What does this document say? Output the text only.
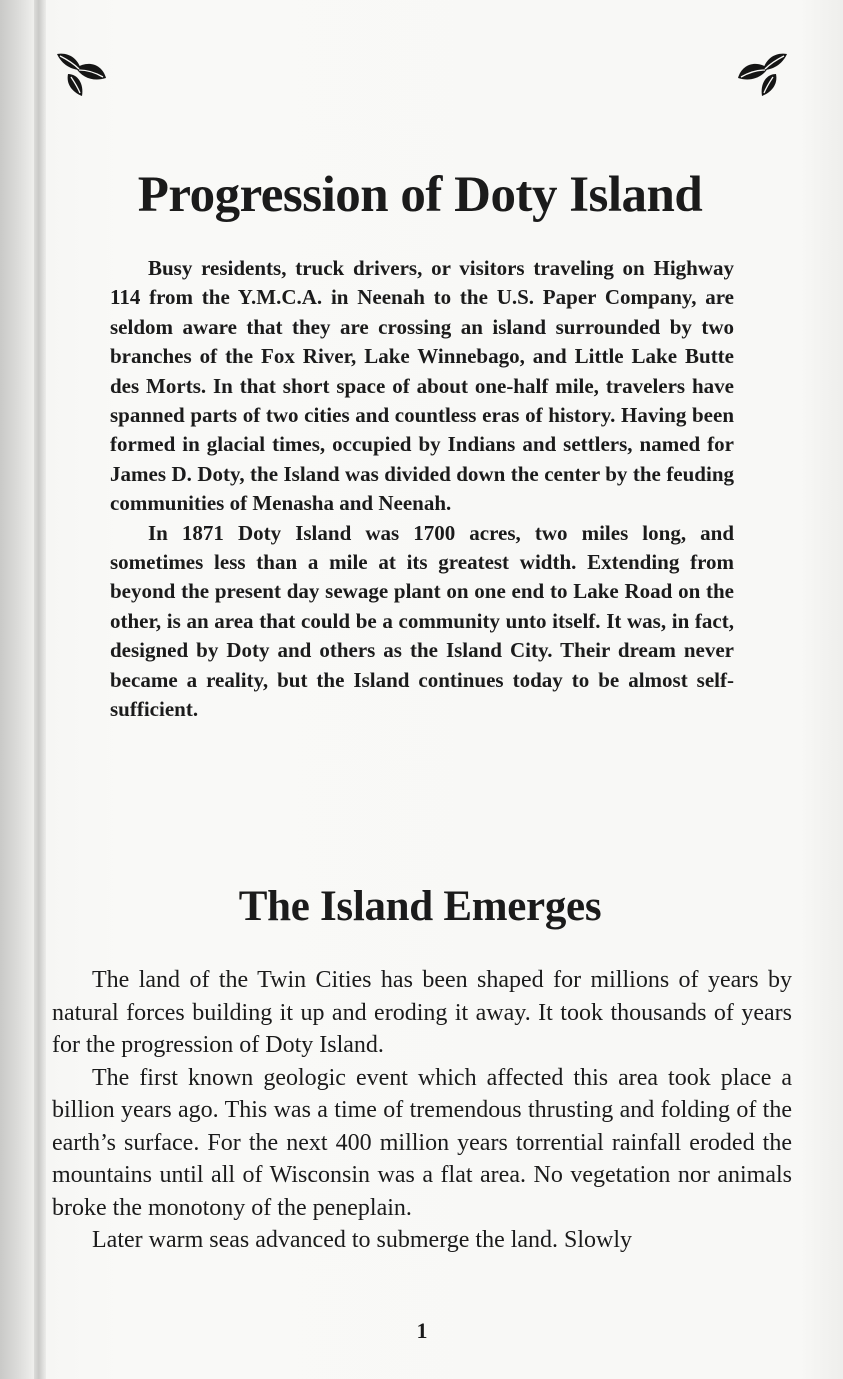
Progression of Doty Island

Busy residents, truck drivers, or visitors traveling on Highway 114 from the Y.M.C.A. in Neenah to the U.S. Paper Company, are seldom aware that they are crossing an island surrounded by two branches of the Fox River, Lake Winnebago, and Little Lake Butte des Morts. In that short space of about one-half mile, travelers have spanned parts of two cities and countless eras of history. Having been formed in glacial times, occupied by Indians and settlers, named for James D. Doty, the Island was divided down the center by the feuding communities of Menasha and Neenah.

In 1871 Doty Island was 1700 acres, two miles long, and sometimes less than a mile at its greatest width. Extending from beyond the present day sewage plant on one end to Lake Road on the other, is an area that could be a community unto itself. It was, in fact, designed by Doty and others as the Island City. Their dream never became a reality, but the Island continues today to be almost self-sufficient.

The Island Emerges

The land of the Twin Cities has been shaped for millions of years by natural forces building it up and eroding it away. It took thousands of years for the progression of Doty Island.

The first known geologic event which affected this area took place a billion years ago. This was a time of tremendous thrusting and folding of the earth’s surface. For the next 400 million years torrential rainfall eroded the mountains until all of Wisconsin was a flat area. No vegetation nor animals broke the monotony of the peneplain.

Later warm seas advanced to submerge the land. Slowly

1
